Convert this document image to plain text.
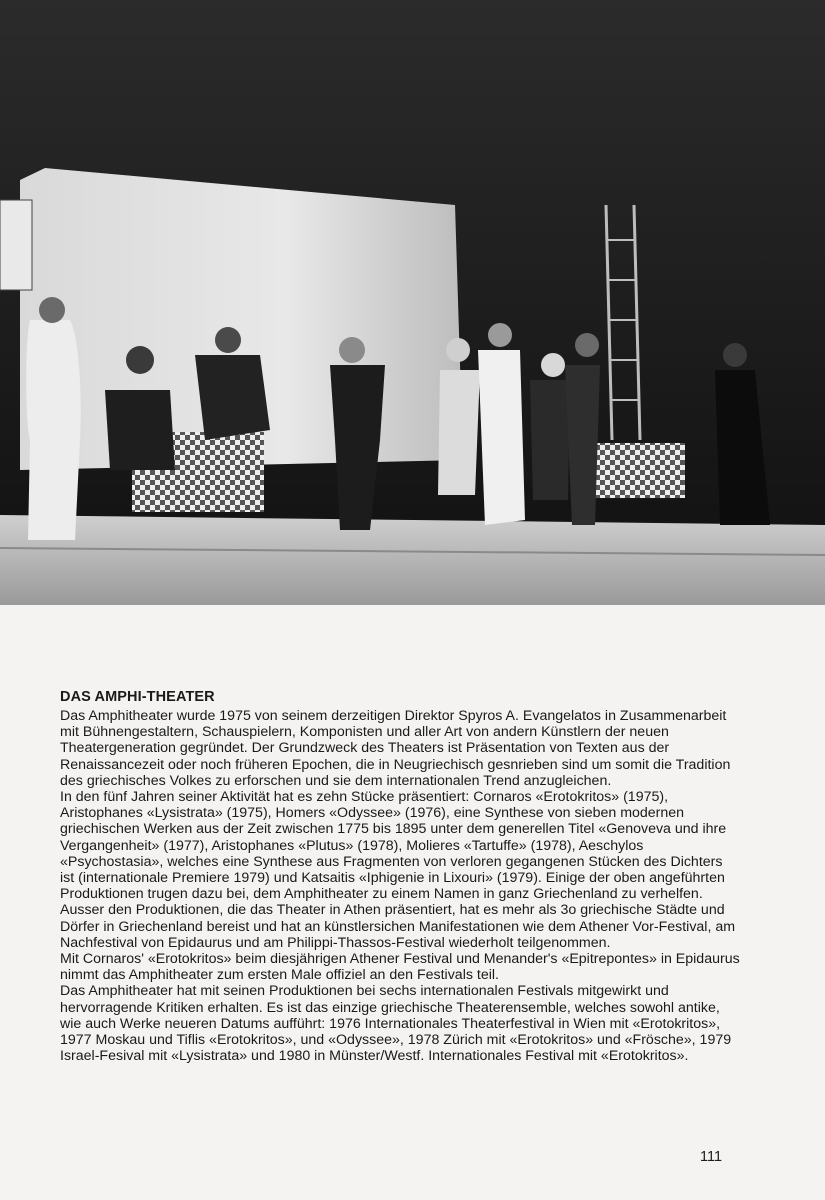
DAS AMPHI-THEATER

Das Amphitheater wurde 1975 von seinem derzeitigen Direktor Spyros A. Evangelatos in Zusammenarbeit mit Bühnengestaltern, Schauspielern, Komponisten und aller Art von andern Künstlern der neuen Theatergeneration gegründet. Der Grundzweck des Theaters ist Präsentation von Texten aus der Renaissancezeit oder noch früheren Epochen, die in Neugriechisch gesnrieben sind um somit die Tradition des griechisches Volkes zu erforschen und sie dem internationalen Trend anzugleichen.

In den fünf Jahren seiner Aktivität hat es zehn Stücke präsentiert: Cornaros «Erotokritos» (1975), Aristophanes «Lysistrata» (1975), Homers «Odyssee» (1976), eine Synthese von sieben modernen griechischen Werken aus der Zeit zwischen 1775 bis 1895 unter dem generellen Titel «Genoveva und ihre Vergangenheit» (1977), Aristophanes «Plutus» (1978), Molieres «Tartuffe» (1978), Aeschylos «Psychostasia», welches eine Synthese aus Fragmenten von verloren gegangenen Stücken des Dichters ist (internationale Premiere 1979) und Katsaitis «Iphigenie in Lixouri» (1979). Einige der oben angeführten Produktionen trugen dazu bei, dem Amphitheater zu einem Namen in ganz Griechenland zu verhelfen.

Ausser den Produktionen, die das Theater in Athen präsentiert, hat es mehr als 3o griechische Städte und Dörfer in Griechenland bereist und hat an künstlersichen Manifestationen wie dem Athener Vor-Festival, am Nachfestival von Epidaurus und am Philippi-Thassos-Festival wiederholt teilgenommen.

Mit Cornaros' «Erotokritos» beim diesjährigen Athener Festival und Menander's «Epitrepontes» in Epidaurus nimmt das Amphitheater zum ersten Male offiziel an den Festivals teil.

Das Amphitheater hat mit seinen Produktionen bei sechs internationalen Festivals mitgewirkt und hervorragende Kritiken erhalten. Es ist das einzige griechische Theaterensemble, welches sowohl antike, wie auch Werke neueren Datums aufführt: 1976 Internationales Theaterfestival in Wien mit «Erotokritos», 1977 Moskau und Tiflis «Erotokritos», und «Odyssee», 1978 Zürich mit «Erotokritos» und «Frösche», 1979 Israel-Fesival mit «Lysistrata» und 1980 in Münster/Westf. Internationales Festival mit «Erotokritos».

111
